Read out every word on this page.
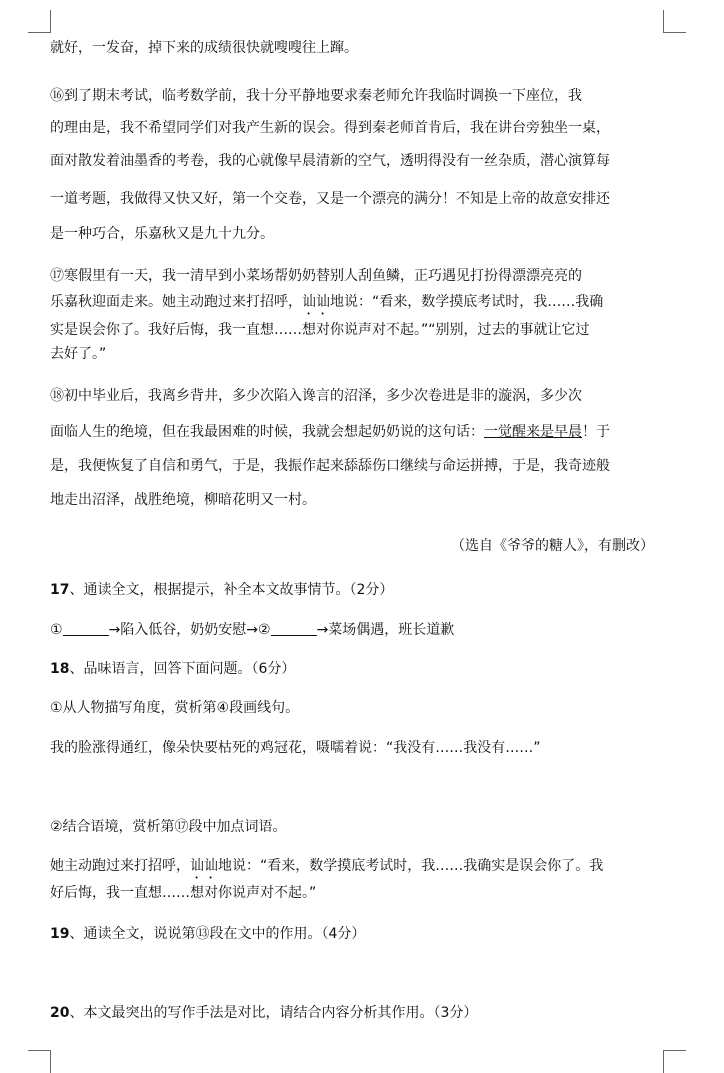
就好，一发奋，掉下来的成绩很快就嗖嗖往上蹿。
⑯到了期末考试，临考数学前，我十分平静地要求秦老师允许我临时调换一下座位，我
的理由是，我不希望同学们对我产生新的误会。得到秦老师首肯后，我在讲台旁独坐一桌，
面对散发着油墨香的考卷，我的心就像早晨清新的空气，透明得没有一丝杂质，潜心演算每
一道考题，我做得又快又好，第一个交卷，又是一个漂亮的满分！不知是上帝的故意安排还
是一种巧合，乐嘉秋又是九十九分。
⑰寒假里有一天，我一清早到小菜场帮奶奶替别人刮鱼鳞，正巧遇见打扮得漂漂亮亮的
乐嘉秋迎面走来。她主动跑过来打招呼，讪讪地说：“看来，数学摸底考试时，我……我确
实是误会你了。我好后悔，我一直想……想对你说声对不起。”“别别，过去的事就让它过
去好了。”
⑱初中毕业后，我离乡背井，多少次陷入谗言的沼泽，多少次卷进是非的漩涡，多少次
面临人生的绝境，但在我最困难的时候，我就会想起奶奶说的这句话：一觉醒来是早晨！于
是，我便恢复了自信和勇气，于是，我振作起来舔舔伤口继续与命运拼搏，于是，我奇迹般
地走出沼泽，战胜绝境，柳暗花明又一村。
（选自《爷爷的糖人》，有删改）
17、通读全文，根据提示，补全本文故事情节。（2分）
①	→陷入低谷，奶奶安慰→②	→菜场偶遇，班长道歉
18、品味语言，回答下面问题。（6分）
①从人物描写角度，赏析第④段画线句。
我的脸涨得通红，像朵快要枯死的鸡冠花，嗫嚅着说：“我没有……我没有……”
②结合语境，赏析第⑰段中加点词语。
她主动跑过来打招呼，讪讪地说：“看来，数学摸底考试时，我……我确实是误会你了。我
好后悔，我一直想……想对你说声对不起。”
19、通读全文，说说第⑬段在文中的作用。（4分）
20、本文最突出的写作手法是对比，请结合内容分析其作用。（3分）
